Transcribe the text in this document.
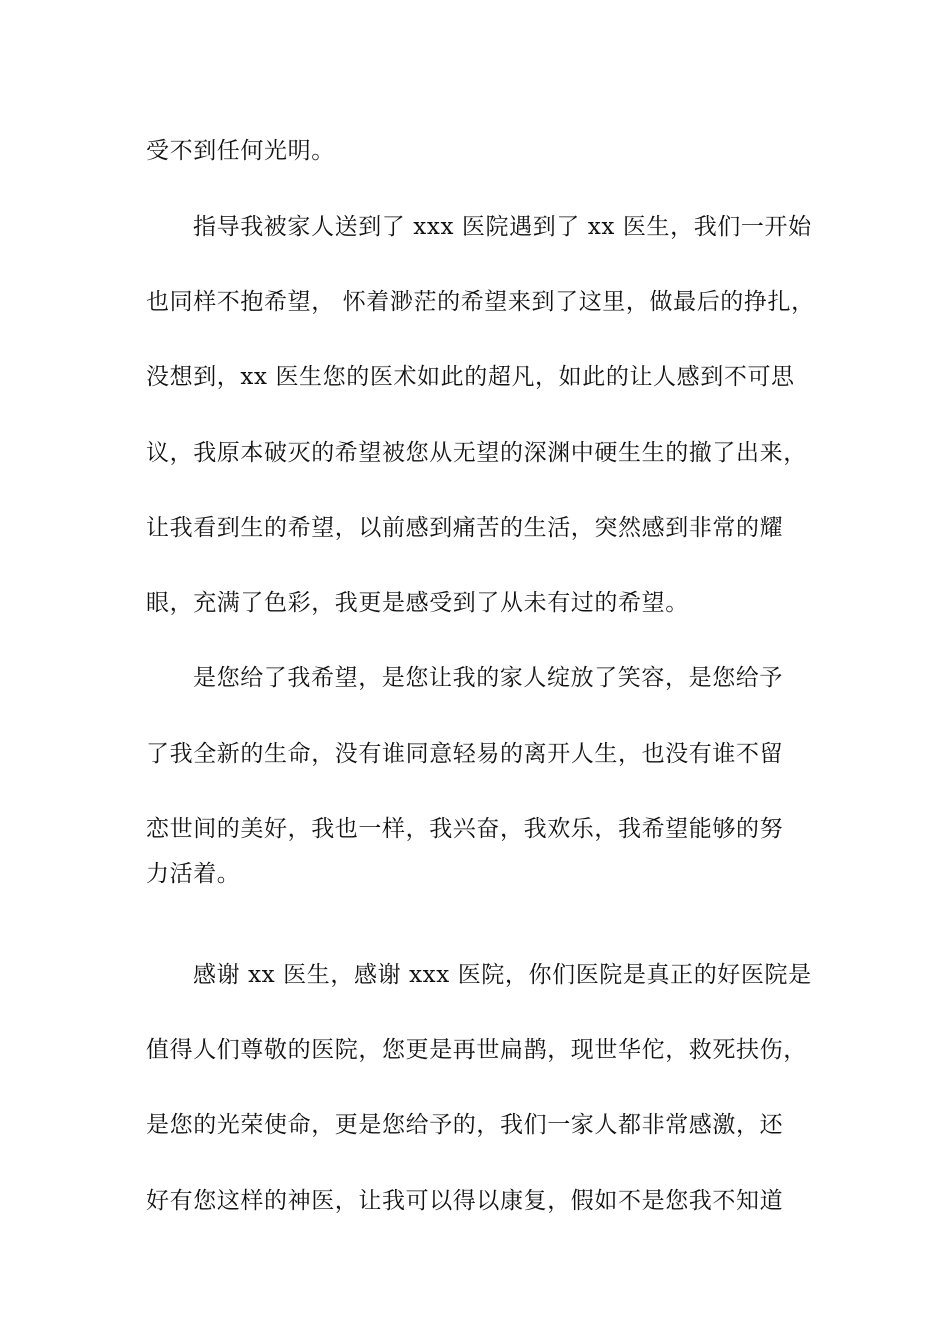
受不到任何光明。
指导我被家人送到了 xxx 医院遇到了 xx 医生，我们一开始
也同样不抱希望， 怀着渺茫的希望来到了这里，做最后的挣扎，
没想到，xx 医生您的医术如此的超凡，如此的让人感到不可思
议，我原本破灭的希望被您从无望的深渊中硬生生的撤了出来，
让我看到生的希望，以前感到痛苦的生活，突然感到非常的耀
眼，充满了色彩，我更是感受到了从未有过的希望。
是您给了我希望，是您让我的家人绽放了笑容，是您给予
了我全新的生命，没有谁同意轻易的离开人生，也没有谁不留
恋世间的美好，我也一样，我兴奋，我欢乐，我希望能够的努
力活着。
感谢 xx 医生，感谢 xxx 医院，你们医院是真正的好医院是
值得人们尊敬的医院，您更是再世扁鹊，现世华佗，救死扶伤，
是您的光荣使命，更是您给予的，我们一家人都非常感激，还
好有您这样的神医，让我可以得以康复，假如不是您我不知道
